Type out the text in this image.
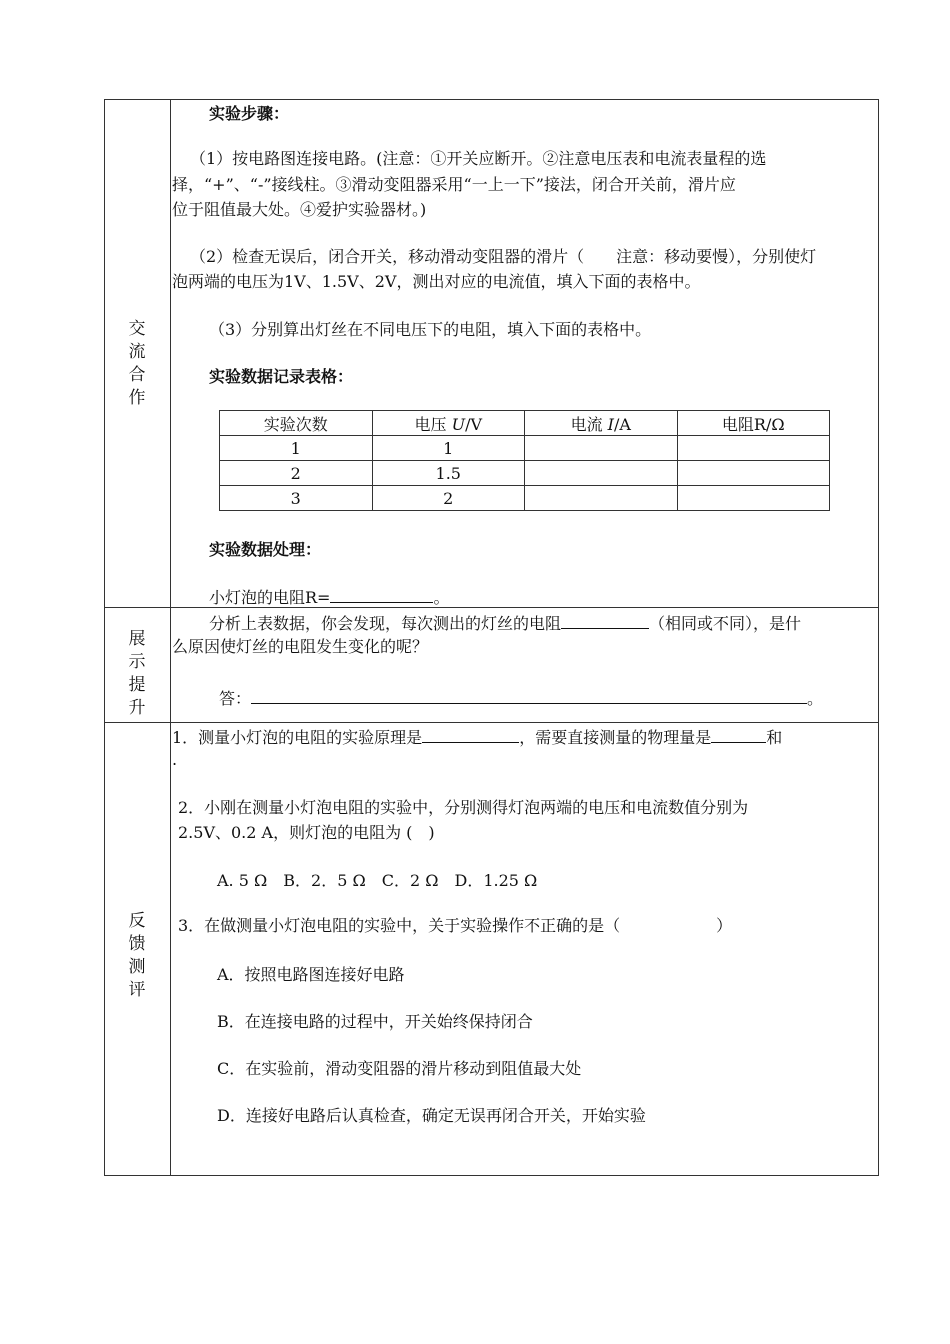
交
流
合
作
展
示
提
升
反
馈
测
评
实验步骤：
（1）按电路图连接电路。(注意：①开关应断开。②注意电压表和电流表量程的选
择，“+”、“-”接线柱。③滑动变阻器采用“一上一下”接法，闭合开关前，滑片应
位于阻值最大处。④爱护实验器材。)
（2）检查无误后，闭合开关，移动滑动变阻器的滑片（　　注意：移动要慢），分别使灯
泡两端的电压为1V、1.5V、2V，测出对应的电流值，填入下面的表格中。
（3）分别算出灯丝在不同电压下的电阻，填入下面的表格中。
实验数据记录表格：
实验次数	电压 U/V	电流 I/A	电阻R/Ω
1	1		
2	1.5		
3	2		
实验数据处理：
小灯泡的电阻R=	。
分析上表数据，你会发现，每次测出的灯丝的电阻	（相同或不同），是什
么原因使灯丝的电阻发生变化的呢？
答：	。
1．测量小灯泡的电阻的实验原理是	，需要直接测量的物理量是	和
.
2．小刚在测量小灯泡电阻的实验中，分别测得灯泡两端的电压和电流数值分别为
2.5V、0.2 A，则灯泡的电阻为 (　)
A. 5 Ω　B．2．5 Ω　C．2 Ω　D．1.25 Ω
3．在做测量小灯泡电阻的实验中，关于实验操作不正确的是（　　　　　　）
A．按照电路图连接好电路
B．在连接电路的过程中，开关始终保持闭合
C．在实验前，滑动变阻器的滑片移动到阻值最大处
D．连接好电路后认真检查，确定无误再闭合开关，开始实验
